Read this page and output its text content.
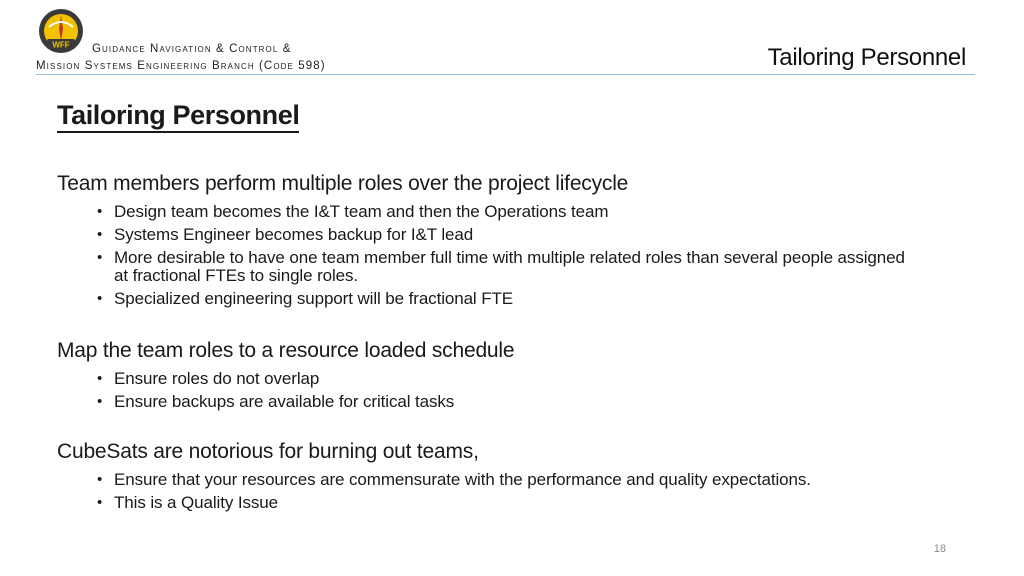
WFF	Guidance Navigation & Control &
Mission Systems Engineering Branch (Code 598)	Tailoring Personnel
Tailoring Personnel
Team members perform multiple roles over the project lifecycle
• Design team becomes the I&T team and then the Operations team
• Systems Engineer becomes backup for I&T lead
• More desirable to have one team member full time with multiple related roles than several people assigned at fractional FTEs to single roles.
• Specialized engineering support will be fractional FTE
Map the team roles to a resource loaded schedule
• Ensure roles do not overlap
• Ensure backups are available for critical tasks
CubeSats are notorious for burning out teams,
• Ensure that your resources are commensurate with the performance and quality expectations.
• This is a Quality Issue
18
